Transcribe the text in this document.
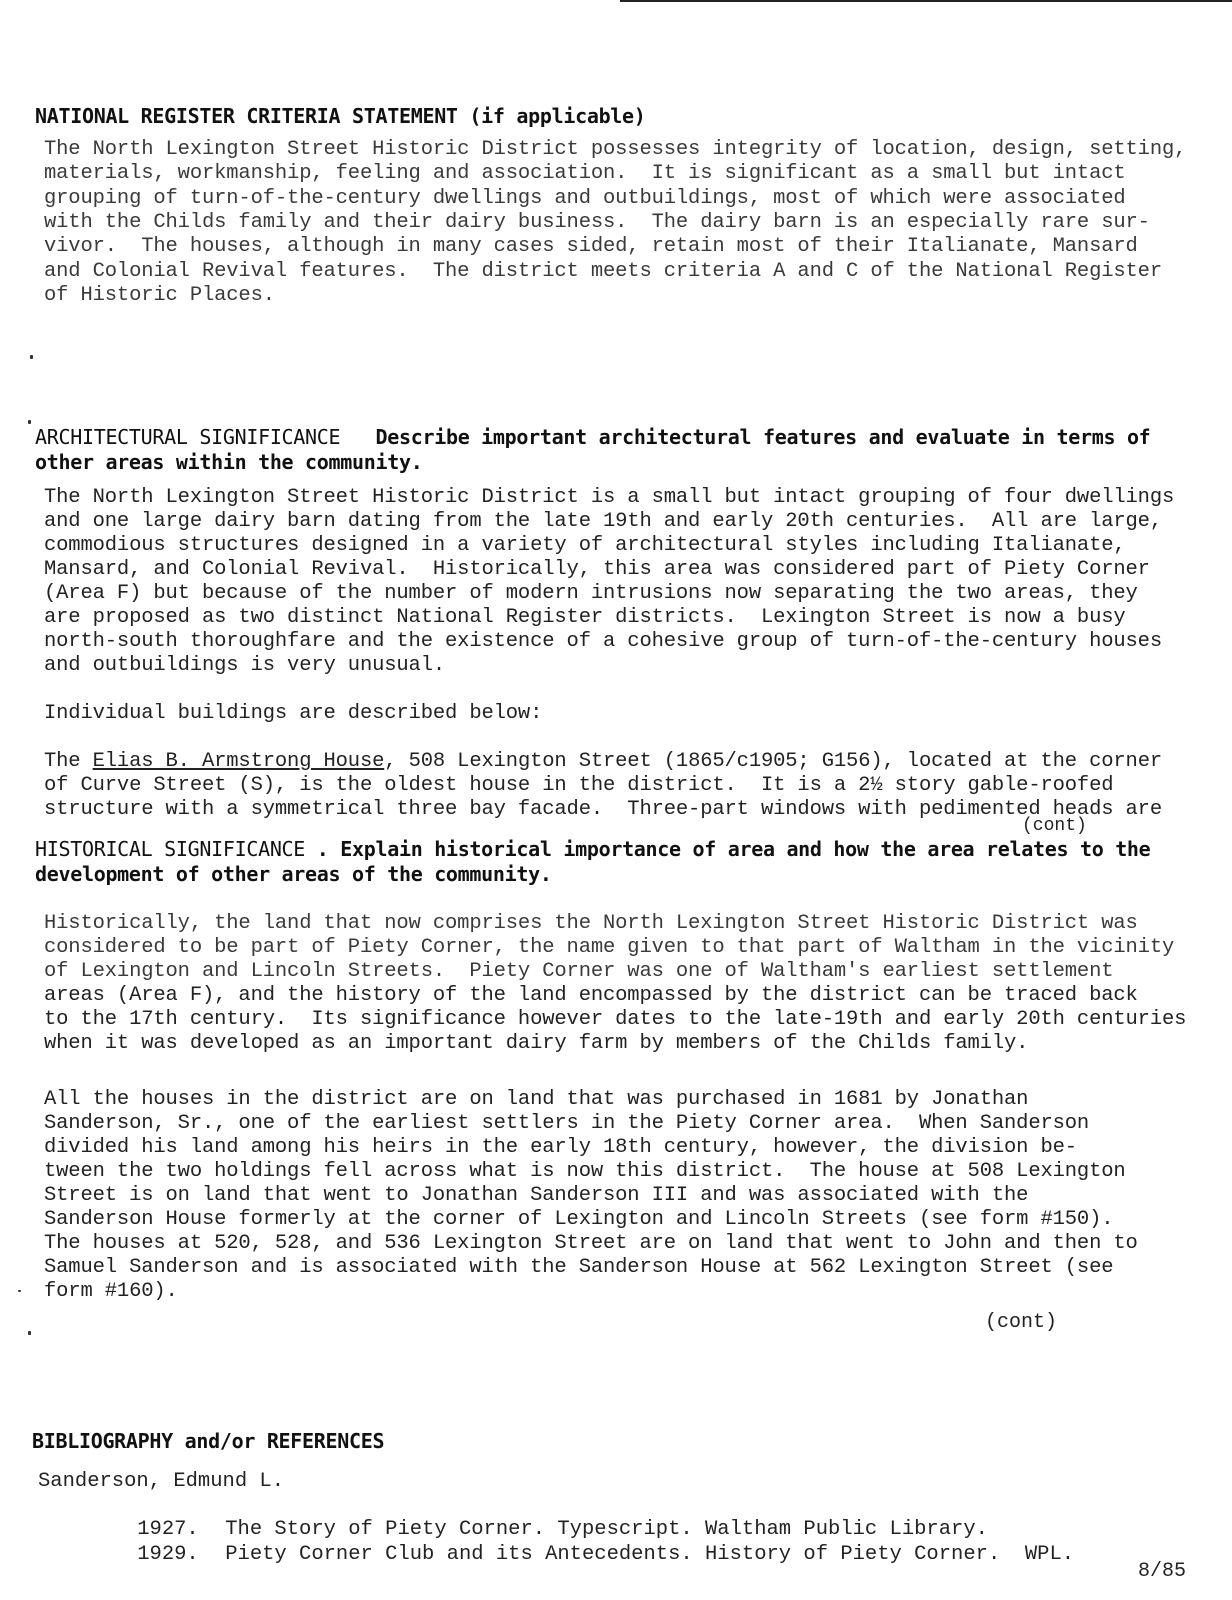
NATIONAL REGISTER CRITERIA STATEMENT (if applicable)
The North Lexington Street Historic District possesses integrity of location, design, setting,
materials, workmanship, feeling and association.  It is significant as a small but intact
grouping of turn-of-the-century dwellings and outbuildings, most of which were associated
with the Childs family and their dairy business.  The dairy barn is an especially rare sur-
vivor.  The houses, although in many cases sided, retain most of their Italianate, Mansard
and Colonial Revival features.  The district meets criteria A and C of the National Register
of Historic Places.
ARCHITECTURAL SIGNIFICANCE Describe important architectural features and evaluate in terms of
other areas within the community.
The North Lexington Street Historic District is a small but intact grouping of four dwellings
and one large dairy barn dating from the late 19th and early 20th centuries.  All are large,
commodious structures designed in a variety of architectural styles including Italianate,
Mansard, and Colonial Revival.  Historically, this area was considered part of Piety Corner
(Area F) but because of the number of modern intrusions now separating the two areas, they
are proposed as two distinct National Register districts.  Lexington Street is now a busy
north-south thoroughfare and the existence of a cohesive group of turn-of-the-century houses
and outbuildings is very unusual.
Individual buildings are described below:
The Elias B. Armstrong House, 508 Lexington Street (1865/c1905; G156), located at the corner
of Curve Street (S), is the oldest house in the district.  It is a 2½ story gable-roofed
structure with a symmetrical three bay facade.  Three-part windows with pedimented heads are
(cont)
HISTORICAL SIGNIFICANCE . Explain historical importance of area and how the area relates to the
development of other areas of the community.
Historically, the land that now comprises the North Lexington Street Historic District was
considered to be part of Piety Corner, the name given to that part of Waltham in the vicinity
of Lexington and Lincoln Streets.  Piety Corner was one of Waltham's earliest settlement
areas (Area F), and the history of the land encompassed by the district can be traced back
to the 17th century.  Its significance however dates to the late-19th and early 20th centuries
when it was developed as an important dairy farm by members of the Childs family.
All the houses in the district are on land that was purchased in 1681 by Jonathan
Sanderson, Sr., one of the earliest settlers in the Piety Corner area.  When Sanderson
divided his land among his heirs in the early 18th century, however, the division be-
tween the two holdings fell across what is now this district.  The house at 508 Lexington
Street is on land that went to Jonathan Sanderson III and was associated with the
Sanderson House formerly at the corner of Lexington and Lincoln Streets (see form #150).
The houses at 520, 528, and 536 Lexington Street are on land that went to John and then to
Samuel Sanderson and is associated with the Sanderson House at 562 Lexington Street (see
form #160).
(cont)
BIBLIOGRAPHY and/or REFERENCES
Sanderson, Edmund L.

1927. The Story of Piety Corner. Typescript. Waltham Public Library.

1929. Piety Corner Club and its Antecedents. History of Piety Corner.  WPL.

8/85
